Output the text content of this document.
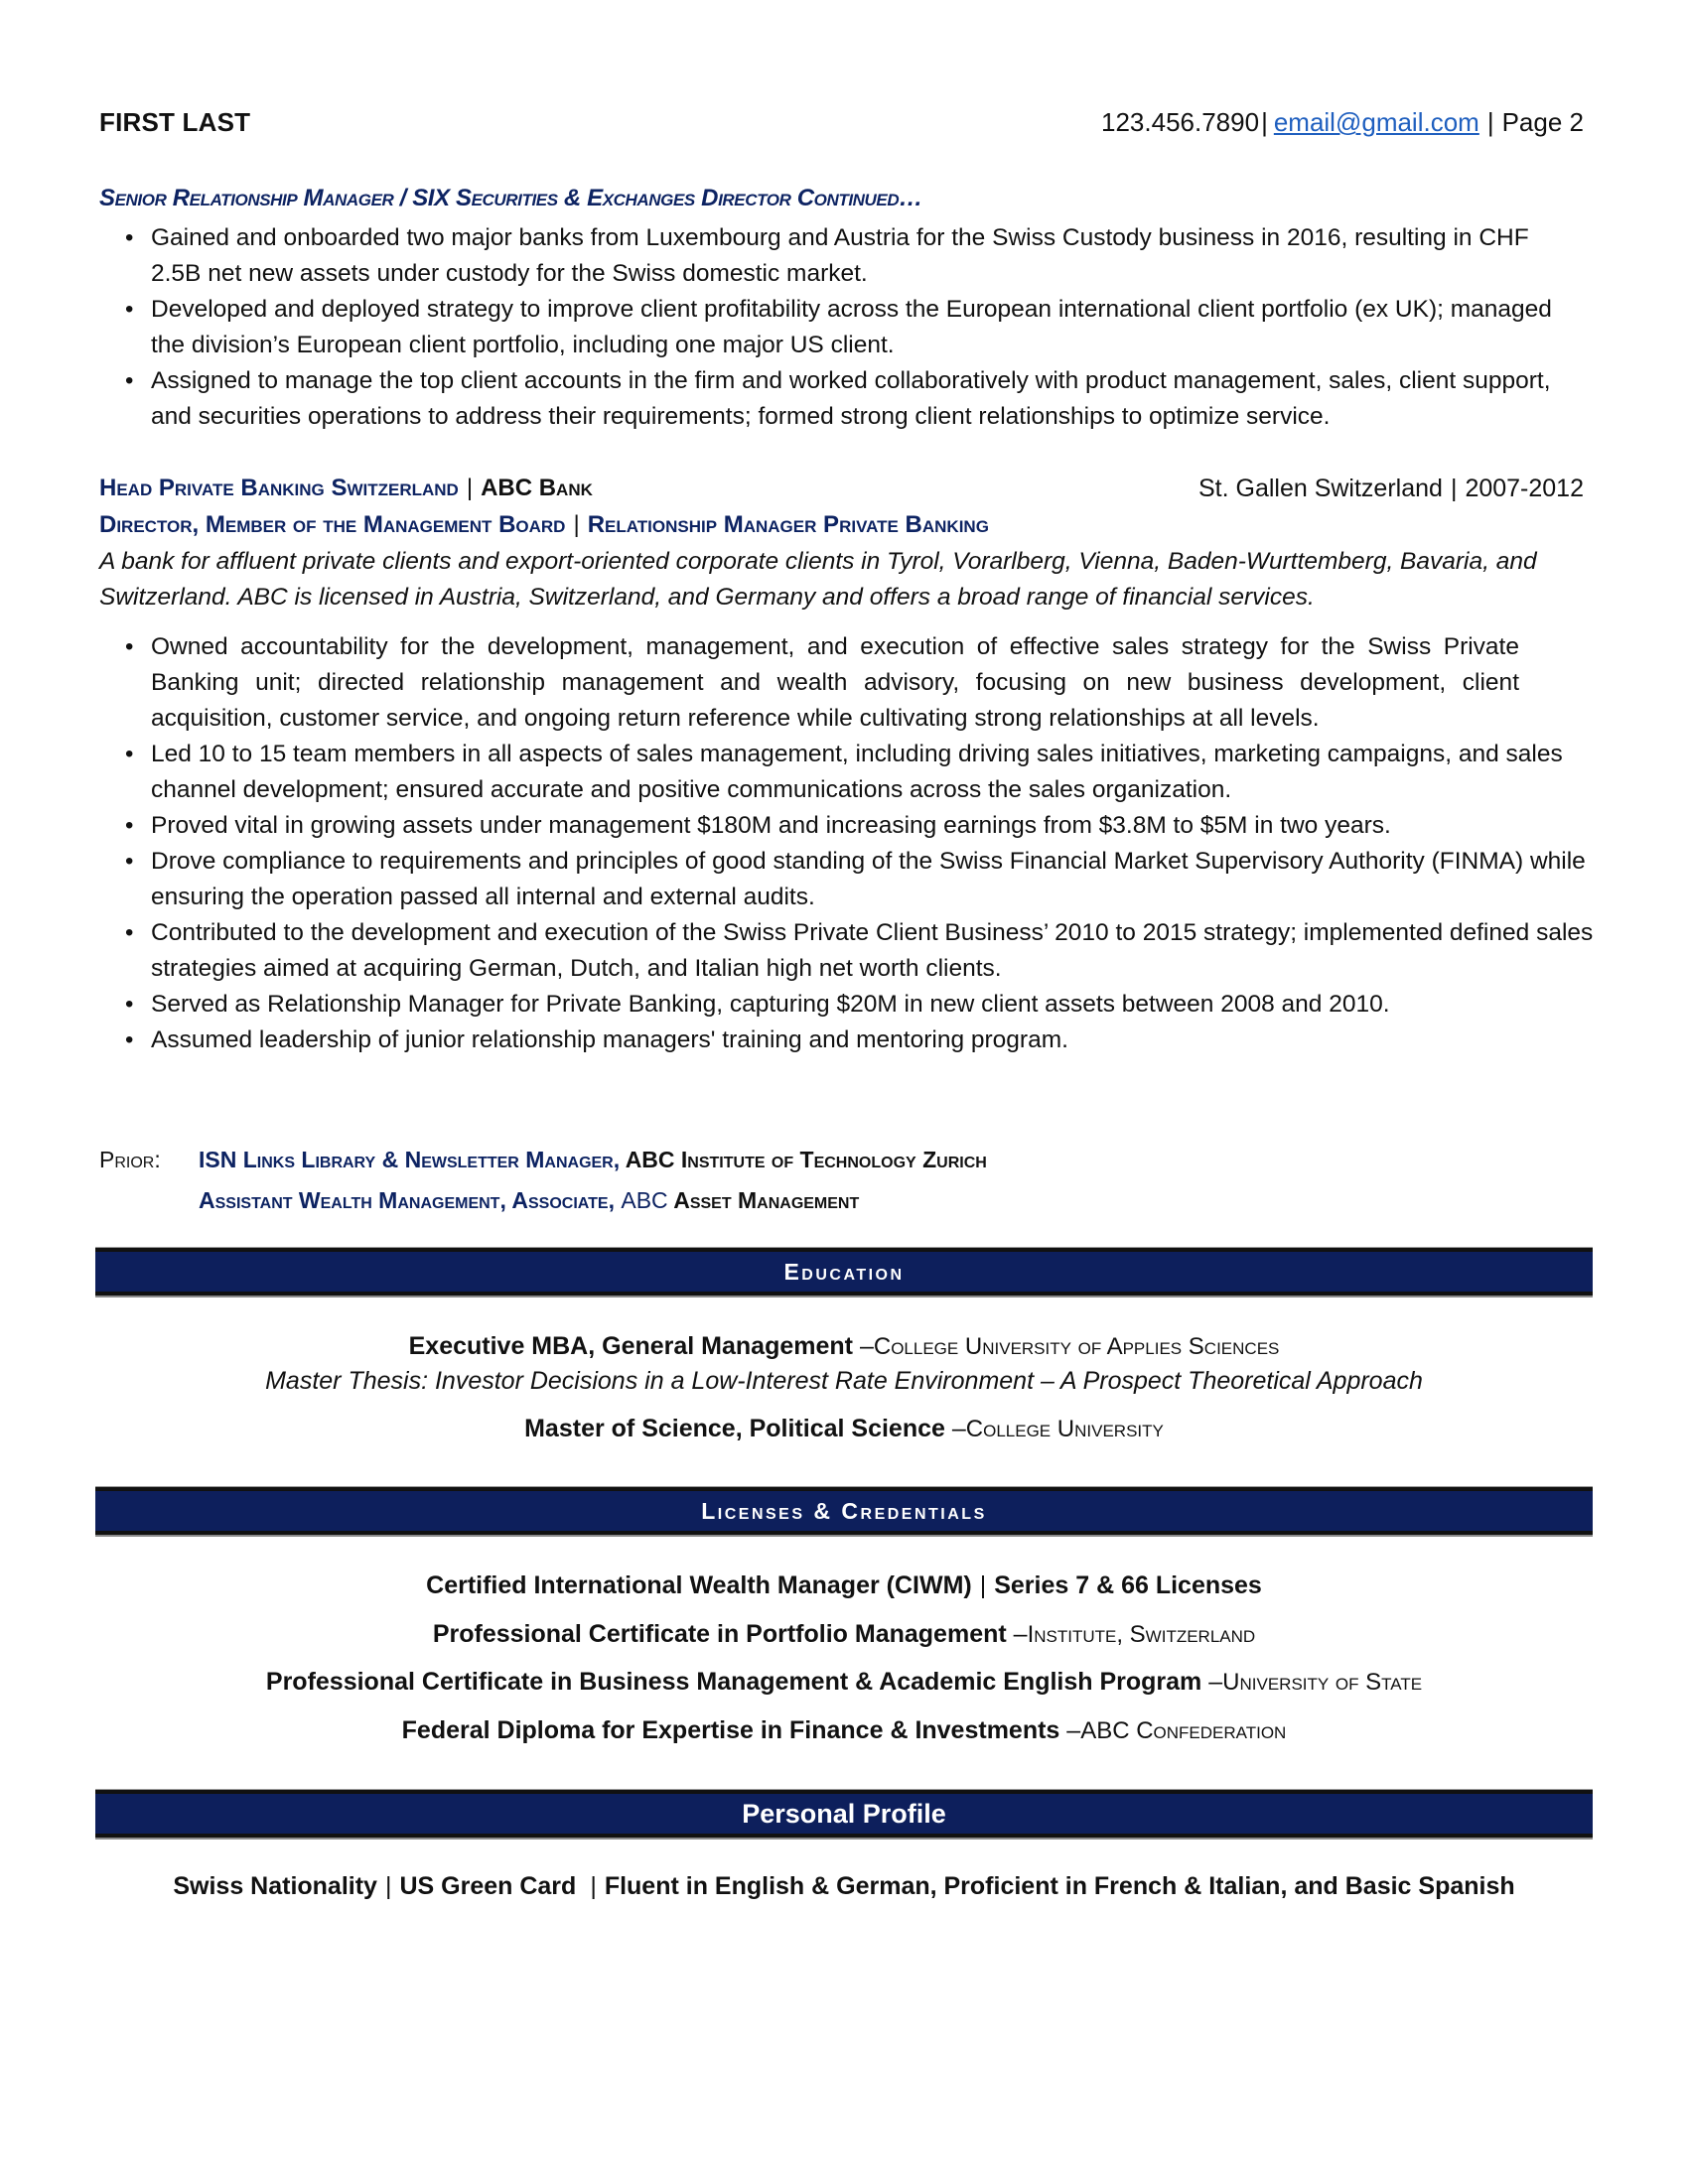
FIRST LAST	123.456.7890| email@gmail.com | Page 2
Senior Relationship Manager / SIX Securities & Exchanges Director Continued…
• Gained and onboarded two major banks from Luxembourg and Austria for the Swiss Custody business in 2016, resulting in CHF 2.5B net new assets under custody for the Swiss domestic market.
• Developed and deployed strategy to improve client profitability across the European international client portfolio (ex UK); managed the division’s European client portfolio, including one major US client.
• Assigned to manage the top client accounts in the firm and worked collaboratively with product management, sales, client support, and securities operations to address their requirements; formed strong client relationships to optimize service.
Head Private Banking Switzerland | ABC Bank	St. Gallen Switzerland | 2007-2012
Director, Member of the Management Board | Relationship Manager Private Banking
A bank for affluent private clients and export-oriented corporate clients in Tyrol, Vorarlberg, Vienna, Baden-Wurttemberg, Bavaria, and Switzerland. ABC is licensed in Austria, Switzerland, and Germany and offers a broad range of financial services.
• Owned accountability for the development, management, and execution of effective sales strategy for the Swiss Private Banking unit; directed relationship management and wealth advisory, focusing on new business development, client acquisition, customer service, and ongoing return reference while cultivating strong relationships at all levels.
• Led 10 to 15 team members in all aspects of sales management, including driving sales initiatives, marketing campaigns, and sales channel development; ensured accurate and positive communications across the sales organization.
• Proved vital in growing assets under management $180M and increasing earnings from $3.8M to $5M in two years.
• Drove compliance to requirements and principles of good standing of the Swiss Financial Market Supervisory Authority (FINMA) while ensuring the operation passed all internal and external audits.
• Contributed to the development and execution of the Swiss Private Client Business’ 2010 to 2015 strategy; implemented defined sales strategies aimed at acquiring German, Dutch, and Italian high net worth clients.
• Served as Relationship Manager for Private Banking, capturing $20M in new client assets between 2008 and 2010.
• Assumed leadership of junior relationship managers' training and mentoring program.
Prior: ISN Links Library & Newsletter Manager, ABC Institute of Technology Zurich
Assistant Wealth Management, Associate, ABC Asset Management
Education
Executive MBA, General Management –College University of Applies Sciences
Master Thesis: Investor Decisions in a Low-Interest Rate Environment – A Prospect Theoretical Approach
Master of Science, Political Science –College University
Licenses & Credentials
Certified International Wealth Manager (CIWM) | Series 7 & 66 Licenses
Professional Certificate in Portfolio Management –Institute, Switzerland
Professional Certificate in Business Management & Academic English Program –University of State
Federal Diploma for Expertise in Finance & Investments –ABC Confederation
Personal Profile
Swiss Nationality | US Green Card | Fluent in English & German, Proficient in French & Italian, and Basic Spanish
